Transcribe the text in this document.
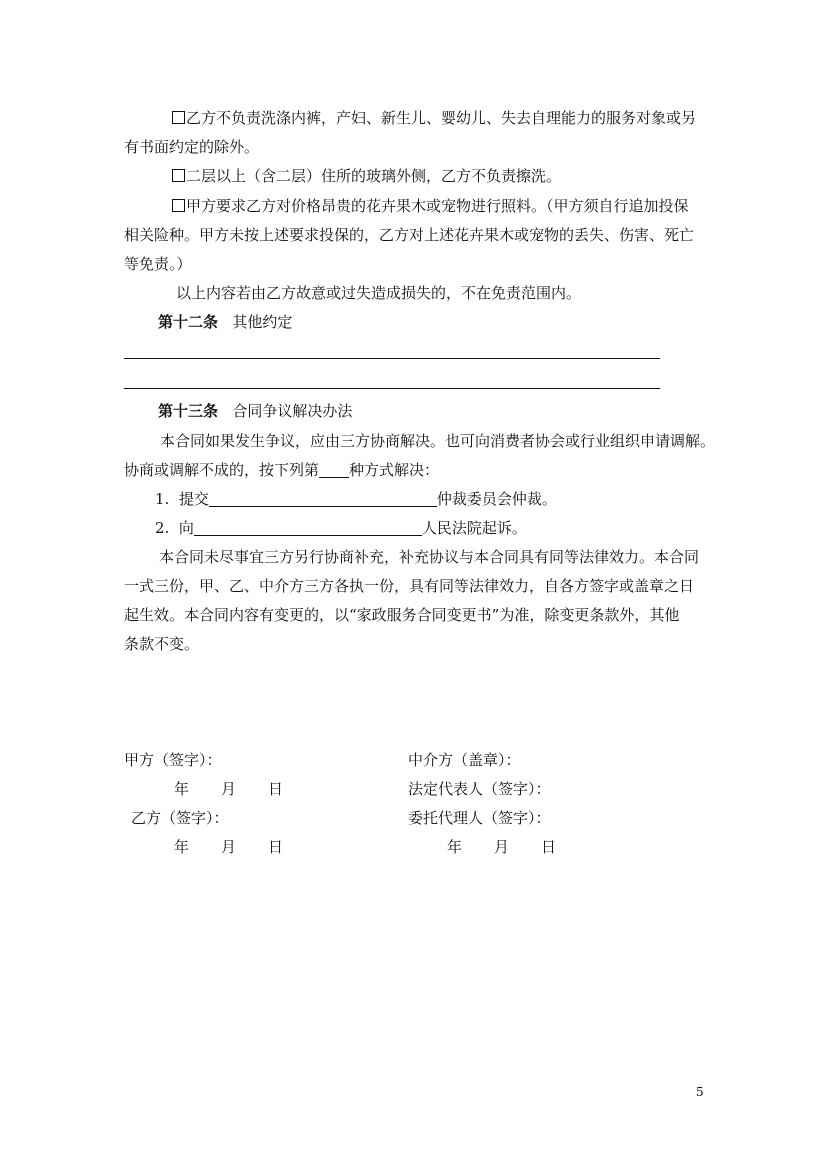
乙方不负责洗涤内裤，产妇、新生儿、婴幼儿、失去自理能力的服务对象或另
有书面约定的除外。
二层以上（含二层）住所的玻璃外侧，乙方不负责擦洗。
甲方要求乙方对价格昂贵的花卉果木或宠物进行照料。（甲方须自行追加投保
相关险种。甲方未按上述要求投保的，乙方对上述花卉果木或宠物的丢失、伤害、死亡
等免责。）
以上内容若由乙方故意或过失造成损失的，不在免责范围内。
第十二条 其他约定
第十三条 合同争议解决办法
本合同如果发生争议，应由三方协商解决。也可向消费者协会或行业组织申请调解。
协商或调解不成的，按下列第 种方式解决：
1. 提交	仲裁委员会仲裁。
2. 向	人民法院起诉。
本合同未尽事宜三方另行协商补充，补充协议与本合同具有同等法律效力。本合同
一式三份，甲、乙、中介方三方各执一份，具有同等法律效力，自各方签字或盖章之日
起生效。本合同内容有变更的，以“家政服务合同变更书”为准，除变更条款外，其他
条款不变。
甲方（签字）：	中介方（盖章）：
年 月 日	法定代表人（签字）：
乙方（签字）：	委托代理人（签字）：
年 月 日	年 月 日
5
